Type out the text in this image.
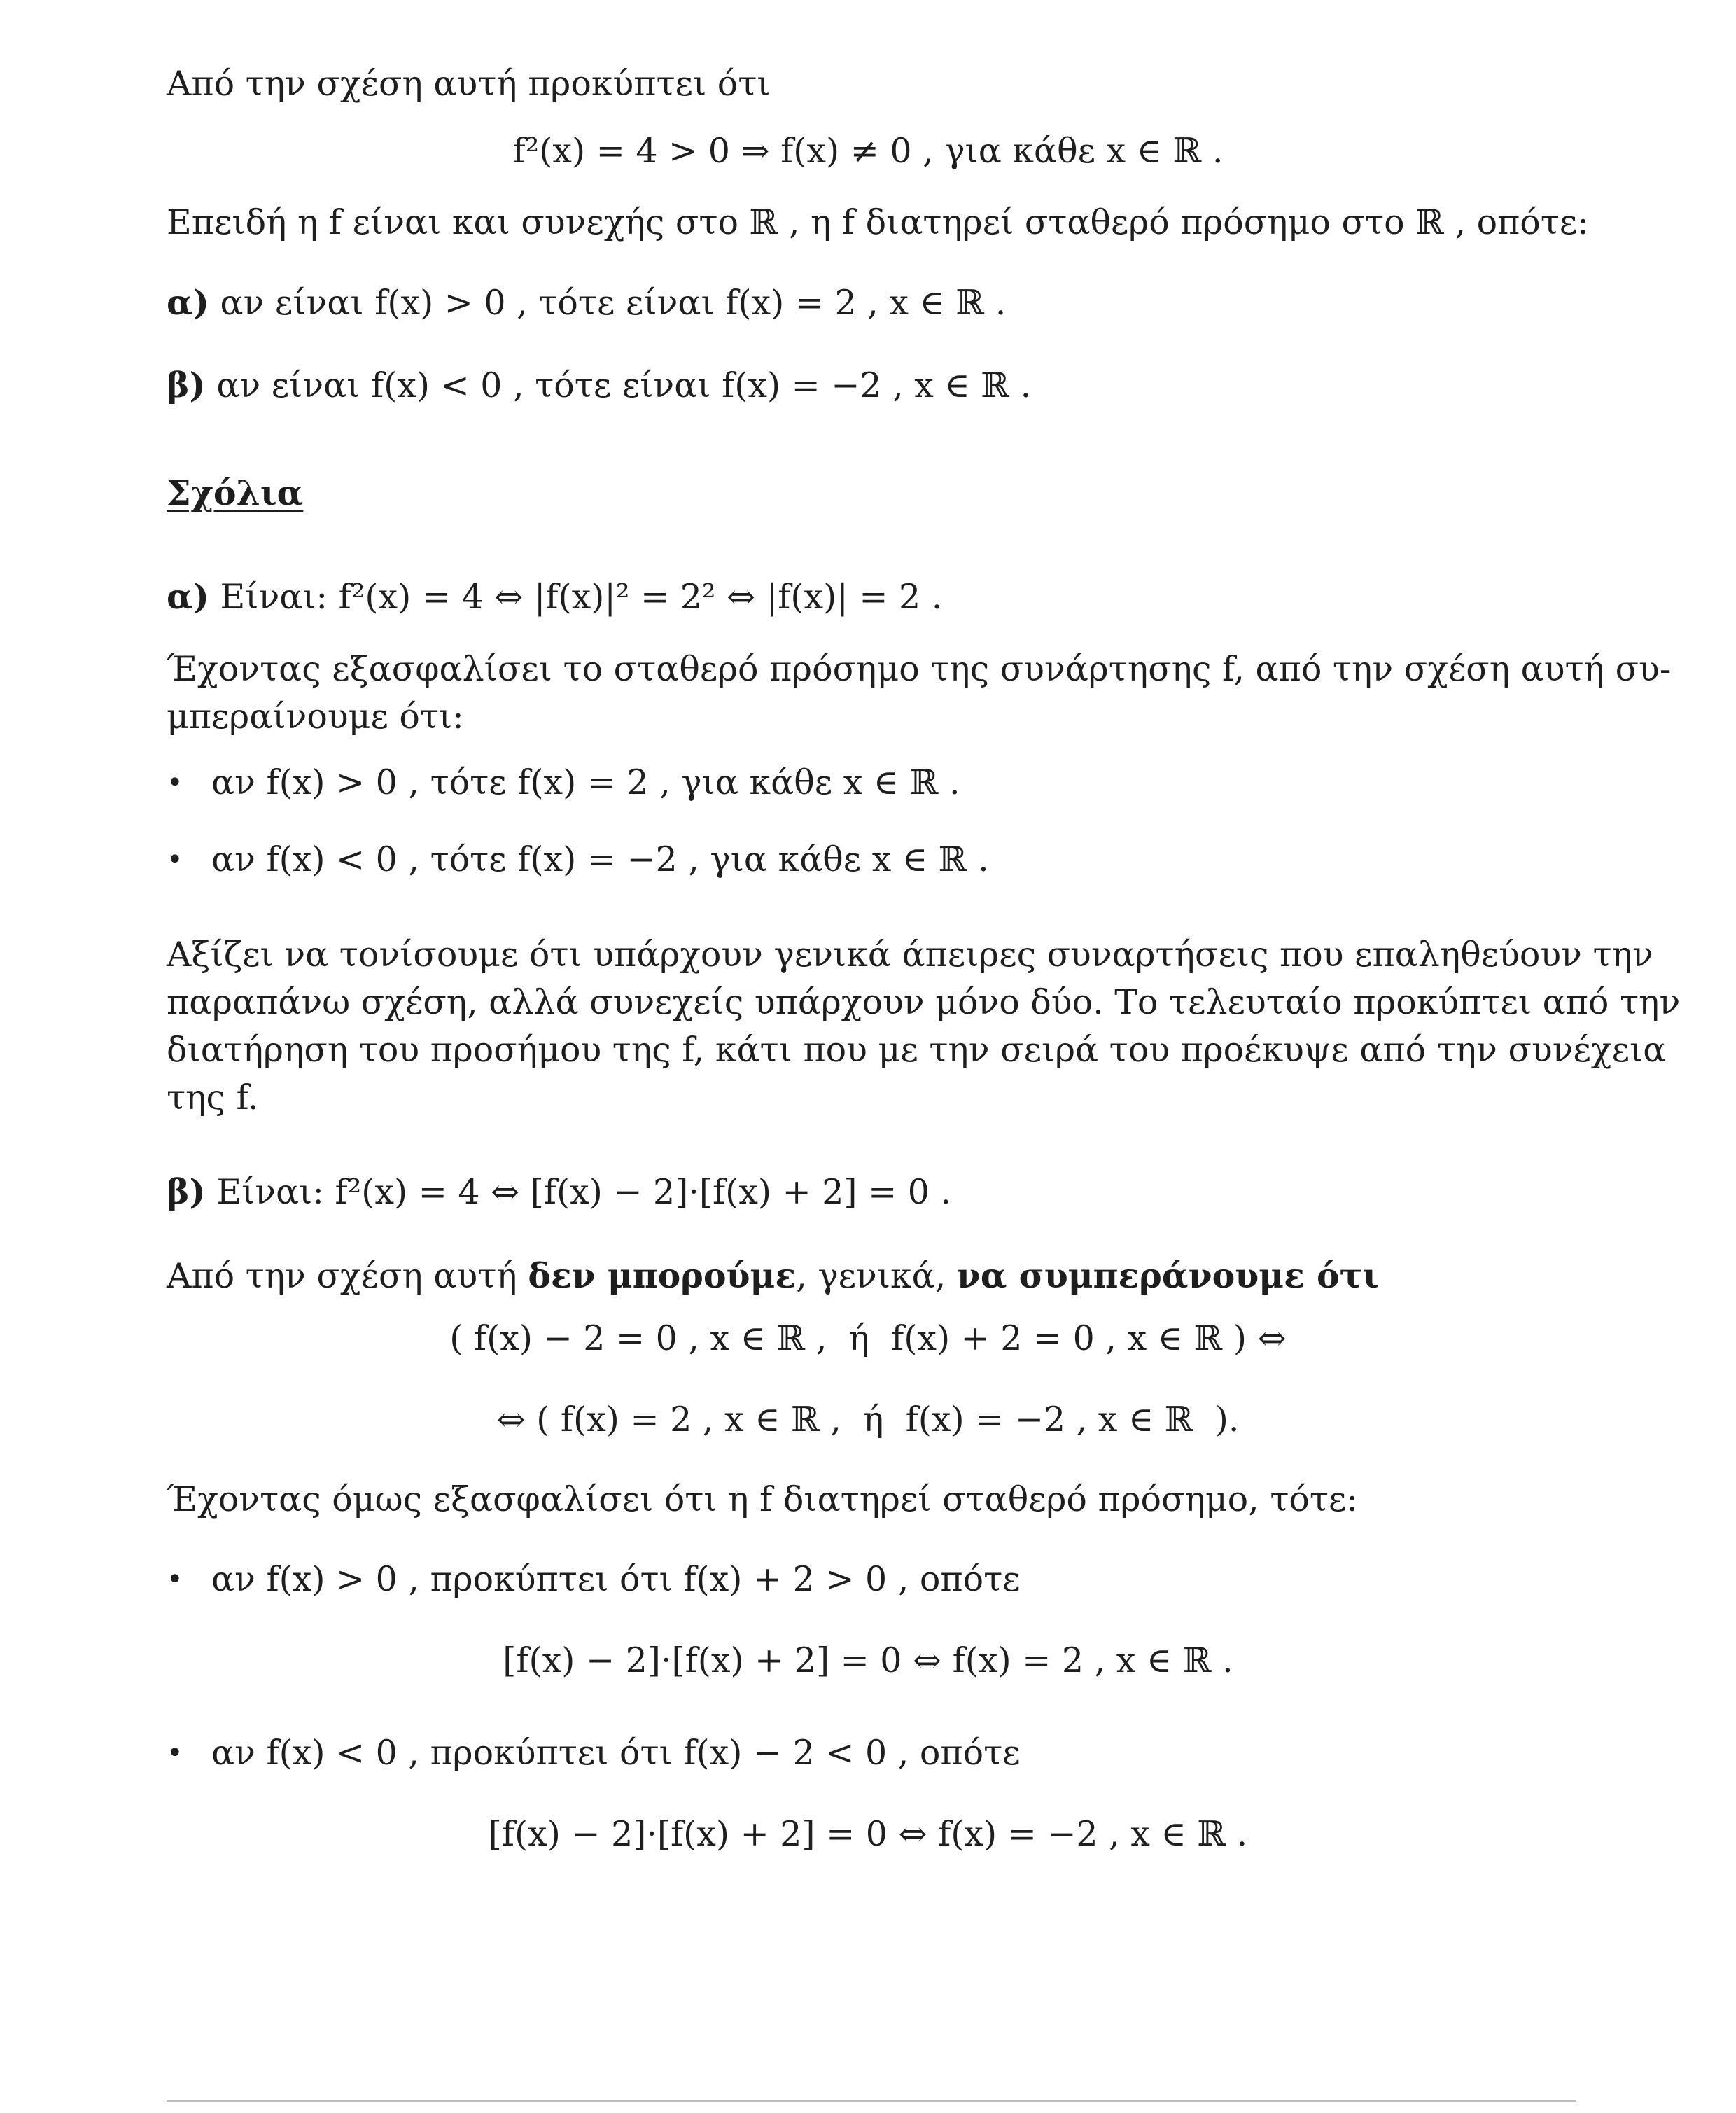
Από την σχέση αυτή προκύπτει ότι
f²(x) = 4 > 0 ⇒ f(x) ≠ 0 , για κάθε x ∈ ℝ .
Επειδή η f είναι και συνεχής στο ℝ , η f διατηρεί σταθερό πρόσημο στο ℝ , οπότε:
α) αν είναι f(x) > 0 , τότε είναι f(x) = 2 , x ∈ ℝ .
β) αν είναι f(x) < 0 , τότε είναι f(x) = −2 , x ∈ ℝ .
Σχόλια
α) Είναι: f²(x) = 4 ⇔ |f(x)|² = 2² ⇔ |f(x)| = 2 .
Έχοντας εξασφαλίσει το σταθερό πρόσημο της συνάρτησης f, από την σχέση αυτή συ-
μπεραίνουμε ότι:
• αν f(x) > 0 , τότε f(x) = 2 , για κάθε x ∈ ℝ .
• αν f(x) < 0 , τότε f(x) = −2 , για κάθε x ∈ ℝ .
Αξίζει να τονίσουμε ότι υπάρχουν γενικά άπειρες συναρτήσεις που επαληθεύουν την
παραπάνω σχέση, αλλά συνεχείς υπάρχουν μόνο δύο. Το τελευταίο προκύπτει από την
διατήρηση του προσήμου της f, κάτι που με την σειρά του προέκυψε από την συνέχεια
της f.
β) Είναι: f²(x) = 4 ⇔ [f(x) − 2]·[f(x) + 2] = 0 .
Από την σχέση αυτή δεν μπορούμε, γενικά, να συμπεράνουμε ότι
( f(x) − 2 = 0 , x ∈ ℝ ,  ή  f(x) + 2 = 0 , x ∈ ℝ ) ⇔
⇔ ( f(x) = 2 , x ∈ ℝ ,  ή  f(x) = −2 , x ∈ ℝ  ).
Έχοντας όμως εξασφαλίσει ότι η f διατηρεί σταθερό πρόσημο, τότε:
• αν f(x) > 0 , προκύπτει ότι f(x) + 2 > 0 , οπότε
[f(x) − 2]·[f(x) + 2] = 0 ⇔ f(x) = 2 , x ∈ ℝ .
• αν f(x) < 0 , προκύπτει ότι f(x) − 2 < 0 , οπότε
[f(x) − 2]·[f(x) + 2] = 0 ⇔ f(x) = −2 , x ∈ ℝ .
